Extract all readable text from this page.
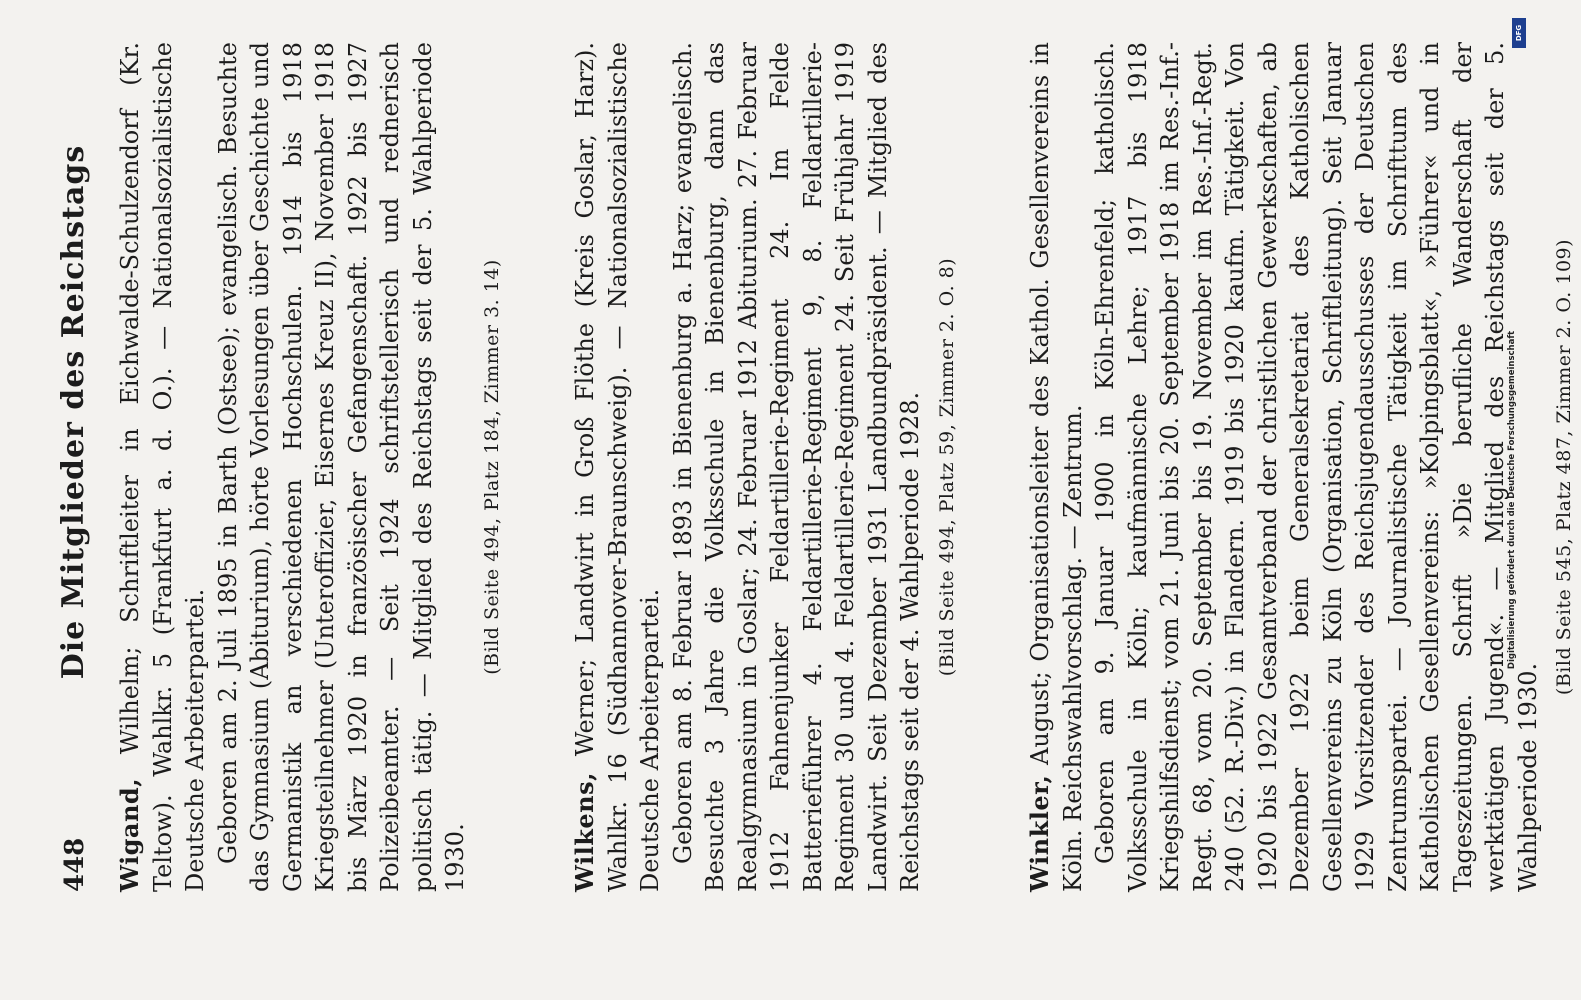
448
Die Mitglieder des Reichstags

Wigand, Wilhelm; Schriftleiter in Eichwalde-Schulzendorf (Kr. Teltow). Wahlkr. 5 (Frankfurt a. d. O.). — Nationalsozialistische Deutsche Arbeiterpartei. Geboren am 2. Juli 1895 in Barth (Ostsee); evangelisch. Besuchte das Gymnasium (Abiturium), hörte Vorlesungen über Geschichte und Germanistik an verschiedenen Hochschulen. 1914 bis 1918 Kriegsteilnehmer (Unteroffizier, Eisernes Kreuz II), November 1918 bis März 1920 in französischer Gefangenschaft. 1922 bis 1927 Polizeibeamter. — Seit 1924 schriftstellerisch und rednerisch politisch tätig. — Mitglied des Reichstags seit der 5. Wahlperiode 1930.

(Bild Seite 494, Platz 184, Zimmer 3. 14)

Wilkens, Werner; Landwirt in Groß Flöthe (Kreis Goslar, Harz). Wahlkr. 16 (Südhannover-Braunschweig). — Nationalsozialistische Deutsche Arbeiterpartei. Geboren am 8. Februar 1893 in Bienenburg a. Harz; evangelisch. Besuchte 3 Jahre die Volksschule in Bienenburg, dann das Realgymnasium in Goslar; 24. Februar 1912 Abiturium. 27. Februar 1912 Fahnenjunker Feldartillerie-Regiment 24. Im Felde Batterieführer 4. Feldartillerie-Regiment 9, 8. Feldartillerie-Regiment 30 und 4. Feldartillerie-Regiment 24. Seit Frühjahr 1919 Landwirt. Seit Dezember 1931 Landbundpräsident. — Mitglied des Reichstags seit der 4. Wahlperiode 1928. (Bild Seite 494, Platz 59, Zimmer 2. O. 8)

Winkler, August; Organisationsleiter des Kathol. Gesellenvereins in Köln. Reichswahlvorschlag. — Zentrum. Geboren am 9. Januar 1900 in Köln-Ehrenfeld; katholisch. Volksschule in Köln; kaufmännische Lehre; 1917 bis 1918 Kriegshilfsdienst; vom 21. Juni bis 20. September 1918 im Res.-Inf.-Regt. 68, vom 20. September bis 19. November im Res.-Inf.-Regt. 240 (52. R.-Div.) in Flandern. 1919 bis 1920 kaufm. Tätigkeit. Von 1920 bis 1922 Gesamtverband der christlichen Gewerkschaften, ab Dezember 1922 beim Generalsekretariat des Katholischen Gesellenvereins zu Köln (Organisation, Schriftleitung). Seit Januar 1929 Vorsitzender des Reichsjugendausschusses der Deutschen Zentrumspartei. — Journalistische Tätigkeit im Schrifttum des Katholischen Gesellenvereins: »Kolpingsblatt«, »Führer« und in Tageszeitungen. Schrift »Die berufliche Wanderschaft der werktätigen Jugend«. — Mitglied des Reichstags seit der 5. Wahlperiode 1930.

(Bild Seite 545, Platz 487, Zimmer 2. O. 109)
DFG
Digitalisierung gefördert durch die Deutsche Forschungsgemeinschaft
